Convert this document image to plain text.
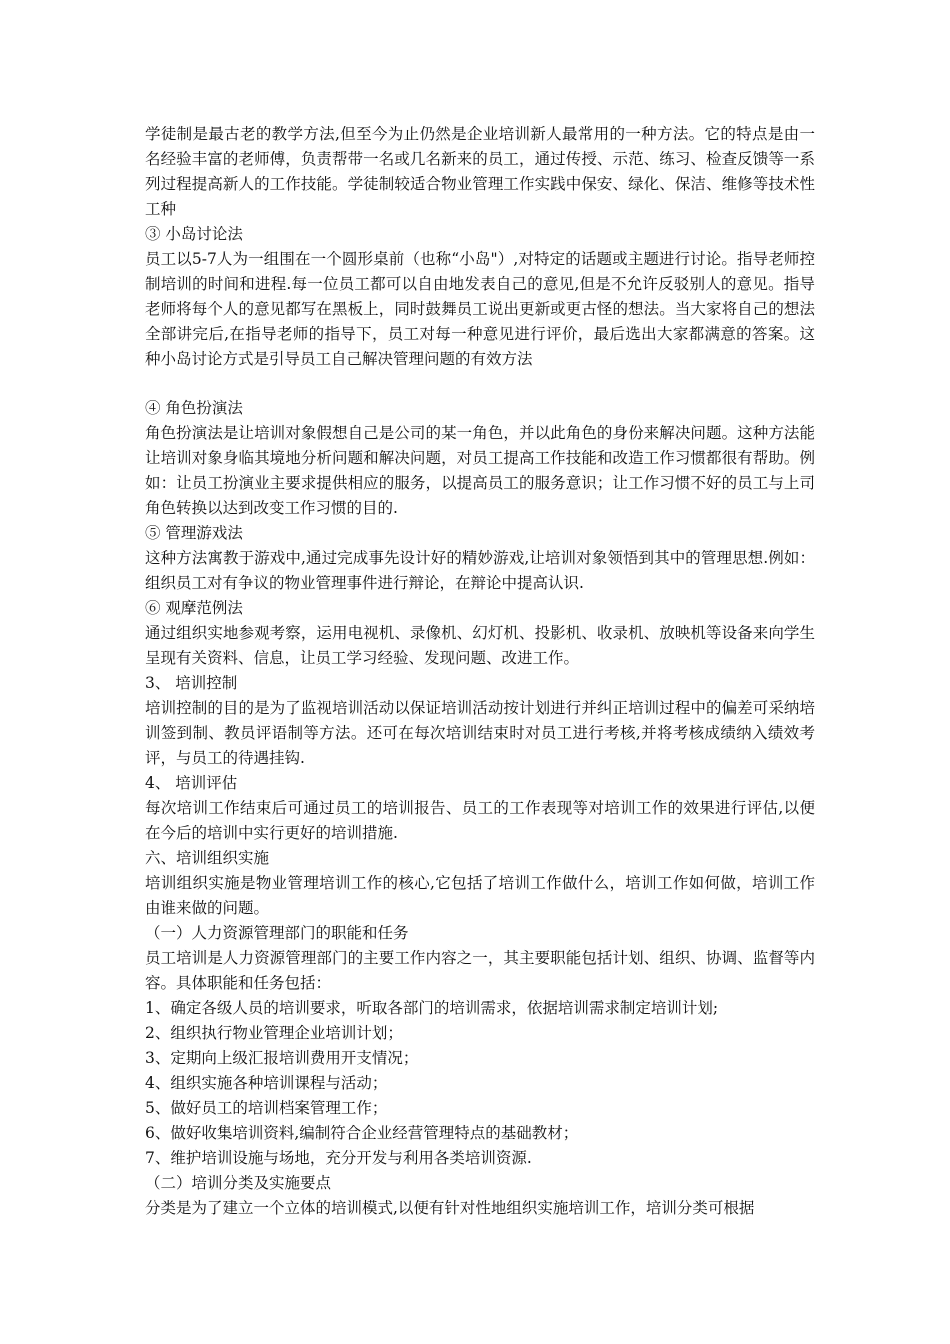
学徒制是最古老的教学方法,但至今为止仍然是企业培训新人最常用的一种方法。它的特点是由一名经验丰富的老师傅，负责帮带一名或几名新来的员工，通过传授、示范、练习、检查反馈等一系列过程提高新人的工作技能。学徒制较适合物业管理工作实践中保安、绿化、保洁、维修等技术性工种

③ 小岛讨论法

员工以5-7人为一组围在一个圆形桌前（也称“小岛"）,对特定的话题或主题进行讨论。指导老师控制培训的时间和进程.每一位员工都可以自由地发表自己的意见,但是不允许反驳别人的意见。指导老师将每个人的意见都写在黑板上，同时鼓舞员工说出更新或更古怪的想法。当大家将自己的想法全部讲完后,在指导老师的指导下，员工对每一种意见进行评价，最后选出大家都满意的答案。这种小岛讨论方式是引导员工自己解决管理问题的有效方法

④ 角色扮演法

角色扮演法是让培训对象假想自己是公司的某一角色，并以此角色的身份来解决问题。这种方法能让培训对象身临其境地分析问题和解决问题，对员工提高工作技能和改造工作习惯都很有帮助。例如：让员工扮演业主要求提供相应的服务，以提高员工的服务意识；让工作习惯不好的员工与上司角色转换以达到改变工作习惯的目的.

⑤ 管理游戏法

这种方法寓教于游戏中,通过完成事先设计好的精妙游戏,让培训对象领悟到其中的管理思想.例如：组织员工对有争议的物业管理事件进行辩论，在辩论中提高认识.

⑥ 观摩范例法

通过组织实地参观考察，运用电视机、录像机、幻灯机、投影机、收录机、放映机等设备来向学生呈现有关资料、信息，让员工学习经验、发现问题、改进工作。

3、 培训控制

培训控制的目的是为了监视培训活动以保证培训活动按计划进行并纠正培训过程中的偏差可采纳培训签到制、教员评语制等方法。还可在每次培训结束时对员工进行考核,并将考核成绩纳入绩效考评，与员工的待遇挂钩.

4、 培训评估

每次培训工作结束后可通过员工的培训报告、员工的工作表现等对培训工作的效果进行评估,以便在今后的培训中实行更好的培训措施.

六、培训组织实施

培训组织实施是物业管理培训工作的核心,它包括了培训工作做什么，培训工作如何做，培训工作由谁来做的问题。

（一）人力资源管理部门的职能和任务

员工培训是人力资源管理部门的主要工作内容之一，其主要职能包括计划、组织、协调、监督等内容。具体职能和任务包括：

1、确定各级人员的培训要求，听取各部门的培训需求，依据培训需求制定培训计划;

2、组织执行物业管理企业培训计划；

3、定期向上级汇报培训费用开支情况；

4、组织实施各种培训课程与活动；

5、做好员工的培训档案管理工作；

6、做好收集培训资料,编制符合企业经营管理特点的基础教材；

7、维护培训设施与场地，充分开发与利用各类培训资源.

（二）培训分类及实施要点

分类是为了建立一个立体的培训模式,以便有针对性地组织实施培训工作，培训分类可根据
